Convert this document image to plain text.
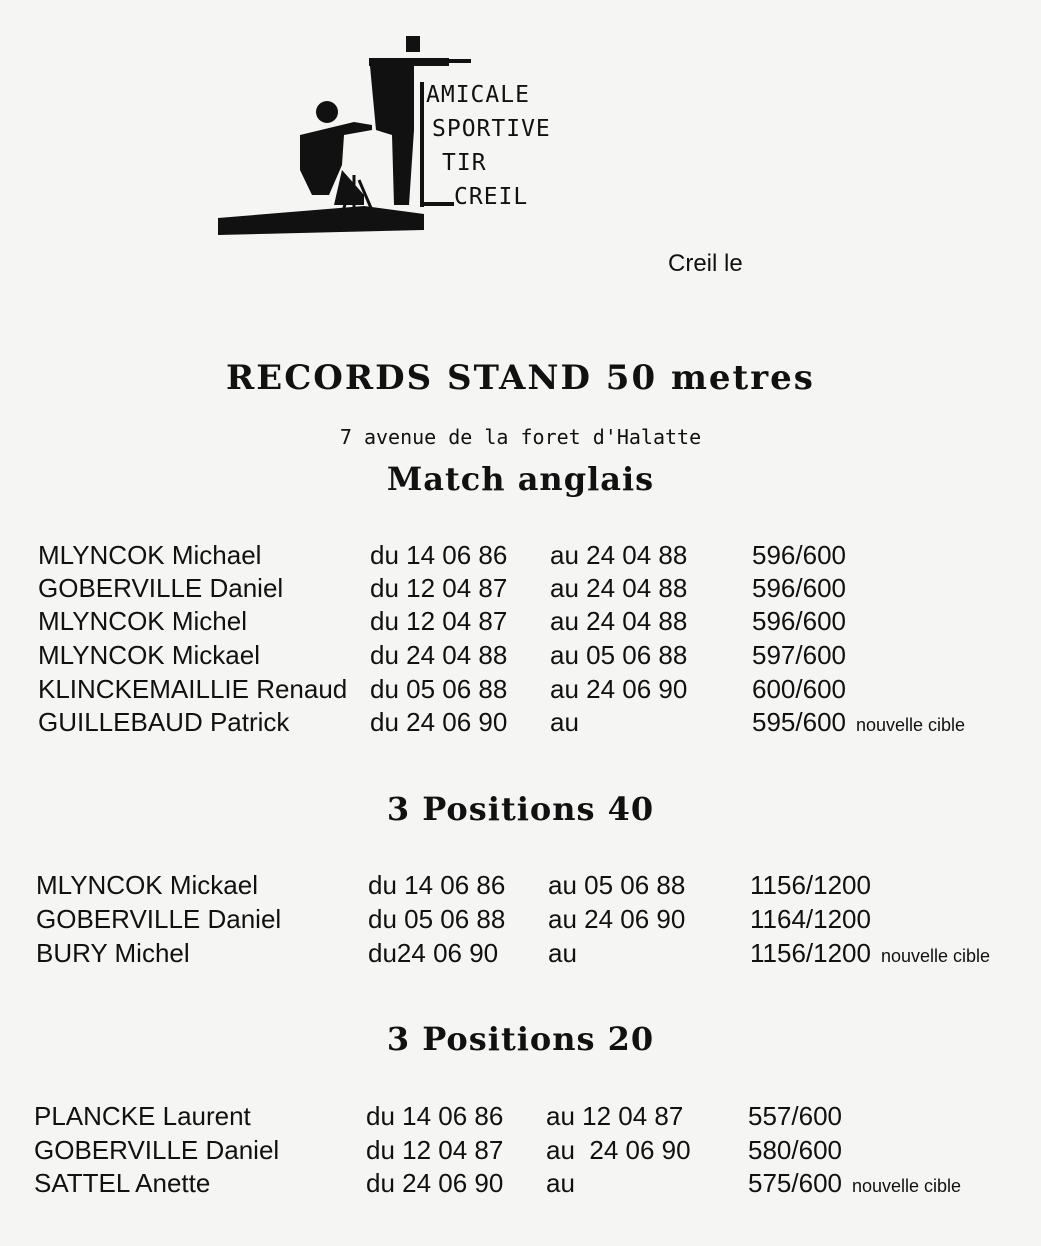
AMICALE
SPORTIVE
TIR
CREIL
Creil le
RECORDS STAND 50 metres
7 avenue de la foret d'Halatte
Match anglais
MLYNCOK Michael	du 14 06 86 au 24 04 88 596/600
GOBERVILLE Daniel	du 12 04 87 au 24 04 88 596/600
MLYNCOK Michel	du 12 04 87 au 24 04 88 596/600
MLYNCOK Mickael	du 24 04 88 au 05 06 88 597/600
KLINCKEMAILLIE Renaud du 05 06 88 au 24 06 90 600/600
GUILLEBAUD Patrick	du 24 06 90 au	595/600 nouvelle cible
3 Positions 40
MLYNCOK Mickael	du 14 06 86 au 05 06 88 1156/1200
GOBERVILLE Daniel	du 05 06 88 au 24 06 90 1164/1200
BURY Michel	du24 06 90 au	1156/1200 nouvelle cible
3 Positions 20
PLANCKE Laurent	du 14 06 86 au 12 04 87 557/600
GOBERVILLE Daniel	du 12 04 87 au  24 06 90 580/600
SATTEL Anette	du 24 06 90 au	575/600 nouvelle cible
